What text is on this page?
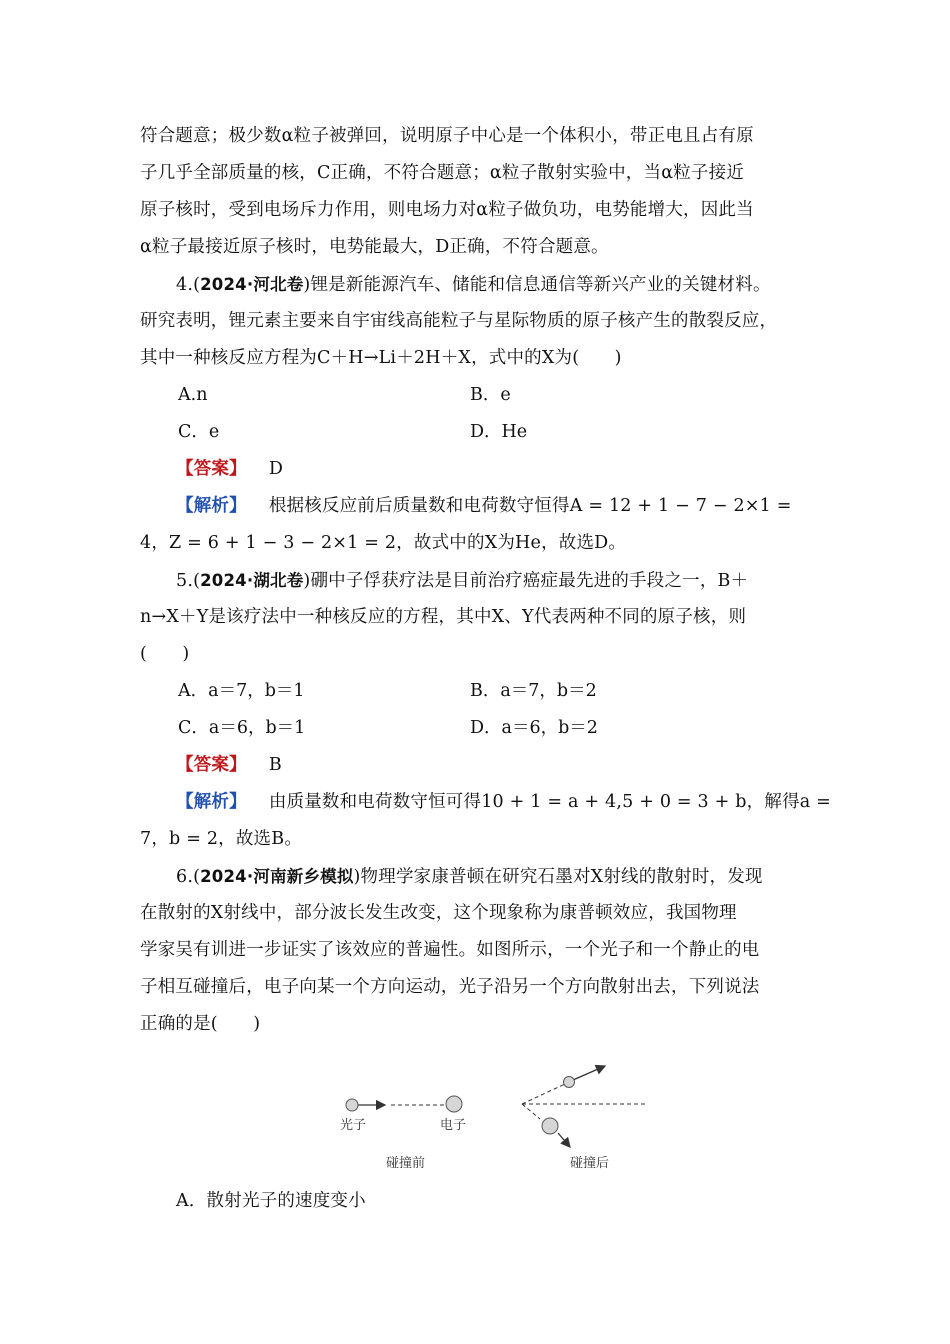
符合题意；极少数α粒子被弹回，说明原子中心是一个体积小，带正电且占有原
子几乎全部质量的核，C正确，不符合题意；α粒子散射实验中，当α粒子接近
原子核时，受到电场斥力作用，则电场力对α粒子做负功，电势能增大，因此当
α粒子最接近原子核时，电势能最大，D正确，不符合题意。
4.(2024·河北卷)锂是新能源汽车、储能和信息通信等新兴产业的关键材料。
研究表明，锂元素主要来自宇宙线高能粒子与星际物质的原子核产生的散裂反应，
其中一种核反应方程为C＋H→Li＋2H＋X，式中的X为(　　)
A.n	B．e
C．e	D．He
【答案】 D
【解析】 根据核反应前后质量数和电荷数守恒得A = 12 + 1 − 7 − 2×1 =
4，Z = 6 + 1 − 3 − 2×1 = 2，故式中的X为He，故选D。
5.(2024·湖北卷)硼中子俘获疗法是目前治疗癌症最先进的手段之一，B＋
n→X＋Y是该疗法中一种核反应的方程，其中X、Y代表两种不同的原子核，则
(　　)
A．a＝7，b＝1	B．a＝7，b＝2
C．a＝6，b＝1	D．a＝6，b＝2
【答案】 B
【解析】 由质量数和电荷数守恒可得10 + 1 = a + 4,5 + 0 = 3 + b，解得a =
7，b = 2，故选B。
6.(2024·河南新乡模拟)物理学家康普顿在研究石墨对X射线的散射时，发现
在散射的X射线中，部分波长发生改变，这个现象称为康普顿效应，我国物理
学家吴有训进一步证实了该效应的普遍性。如图所示，一个光子和一个静止的电
子相互碰撞后，电子向某一个方向运动，光子沿另一个方向散射出去，下列说法
正确的是(　　)
光子	电子
碰撞前	碰撞后
A．散射光子的速度变小
